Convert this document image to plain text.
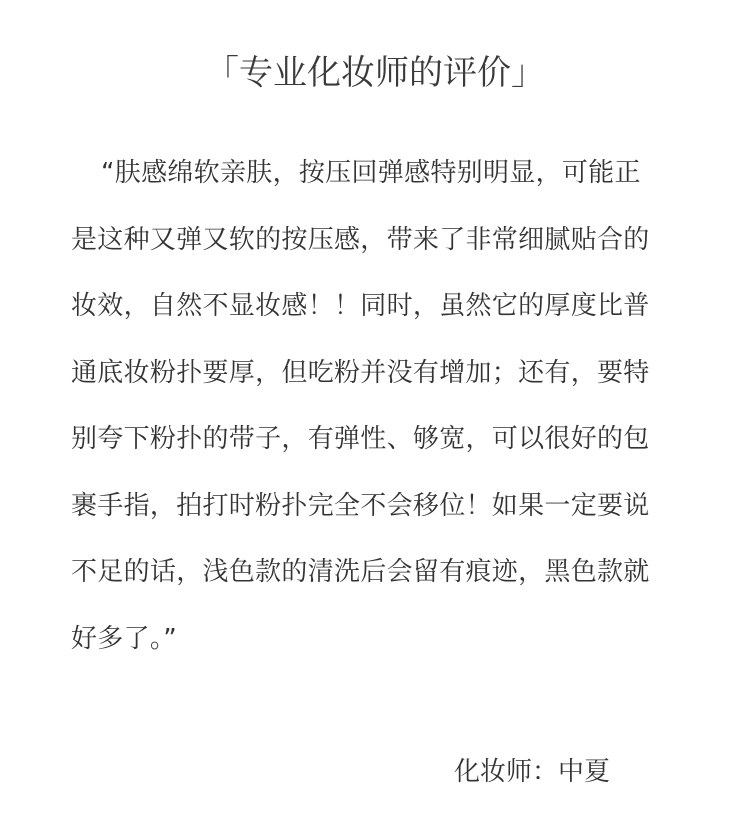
「专业化妆师的评价」
“肤感绵软亲肤，按压回弹感特别明显，可能正
是这种又弹又软的按压感，带来了非常细腻贴合的
妆效，自然不显妆感！！同时，虽然它的厚度比普
通底妆粉扑要厚，但吃粉并没有增加；还有，要特
别夸下粉扑的带子，有弹性、够宽，可以很好的包
裹手指，拍打时粉扑完全不会移位！如果一定要说
不足的话，浅色款的清洗后会留有痕迹，黑色款就
好多了。”
化妆师：中夏
